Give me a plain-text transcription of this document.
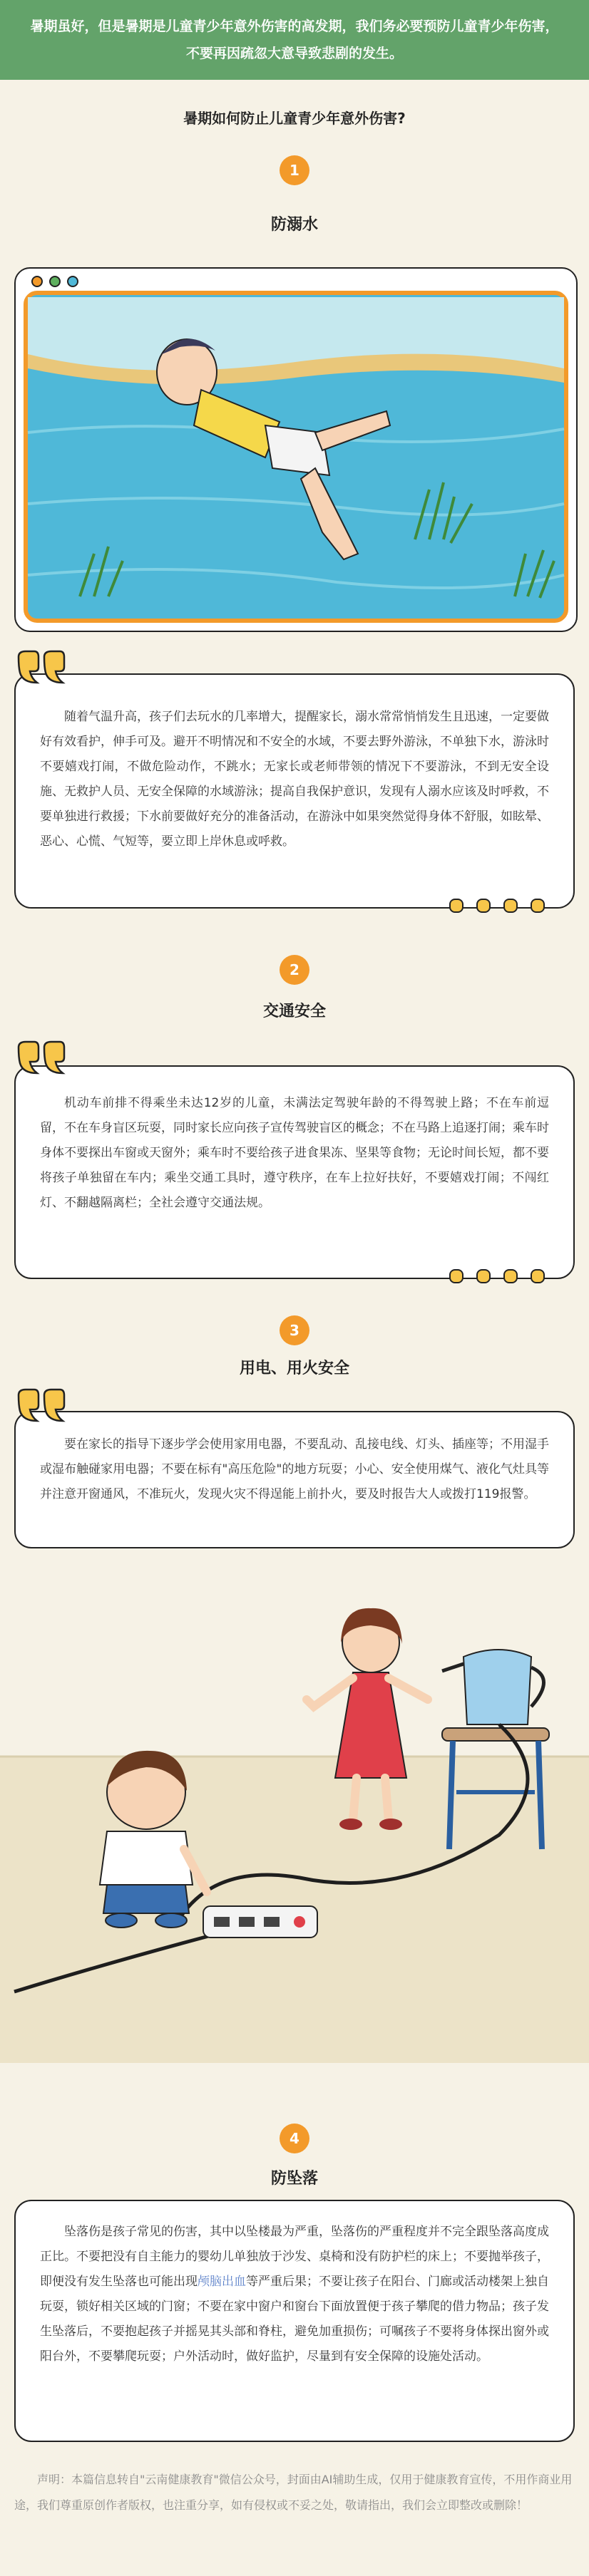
暑期虽好，但是暑期是儿童青少年意外伤害的高发期，我们务必要预防儿童青少年伤害，不要再因疏忽大意导致悲剧的发生。
暑期如何防止儿童青少年意外伤害?
1
防溺水

随着气温升高，孩子们去玩水的几率增大，提醒家长，溺水常常悄悄发生且迅速，一定要做好有效看护，伸手可及。避开不明情况和不安全的水域，不要去野外游泳，不单独下水，游泳时不要嬉戏打闹，不做危险动作，不跳水；无家长或老师带领的情况下不要游泳，不到无安全设施、无救护人员、无安全保障的水域游泳；提高自我保护意识，发现有人溺水应该及时呼救，不要单独进行救援；下水前要做好充分的准备活动，在游泳中如果突然觉得身体不舒服，如眩晕、恶心、心慌、气短等，要立即上岸休息或呼救。

2
交通安全

机动车前排不得乘坐未达12岁的儿童，未满法定驾驶年龄的不得驾驶上路；不在车前逗留，不在车身盲区玩耍，同时家长应向孩子宣传驾驶盲区的概念；不在马路上追逐打闹；乘车时身体不要探出车窗或天窗外；乘车时不要给孩子进食果冻、坚果等食物；无论时间长短，都不要将孩子单独留在车内；乘坐交通工具时，遵守秩序，在车上拉好扶好，不要嬉戏打闹；不闯红灯、不翻越隔离栏；全社会遵守交通法规。

3
用电、用火安全

要在家长的指导下逐步学会使用家用电器，不要乱动、乱接电线、灯头、插座等；不用湿手或湿布触碰家用电器；不要在标有"高压危险"的地方玩耍；小心、安全使用煤气、液化气灶具等并注意开窗通风，不准玩火，发现火灾不得逞能上前扑火，要及时报告大人或拨打119报警。

4
防坠落

坠落伤是孩子常见的伤害，其中以坠楼最为严重，坠落伤的严重程度并不完全跟坠落高度成正比。不要把没有自主能力的婴幼儿单独放于沙发、桌椅和没有防护栏的床上；不要抛举孩子，即便没有发生坠落也可能出现颅脑出血等严重后果；不要让孩子在阳台、门廊或活动楼架上独自玩耍，锁好相关区域的门窗；不要在家中窗户和窗台下面放置便于孩子攀爬的借力物品；孩子发生坠落后，不要抱起孩子并摇晃其头部和脊柱，避免加重损伤；可嘱孩子不要将身体探出窗外或阳台外，不要攀爬玩耍；户外活动时，做好监护，尽量到有安全保障的设施处活动。

声明：本篇信息转自"云南健康教育"微信公众号，封面由AI辅助生成，仅用于健康教育宣传，不用作商业用途，我们尊重原创作者版权，也注重分享，如有侵权或不妥之处，敬请指出，我们会立即整改或删除！
